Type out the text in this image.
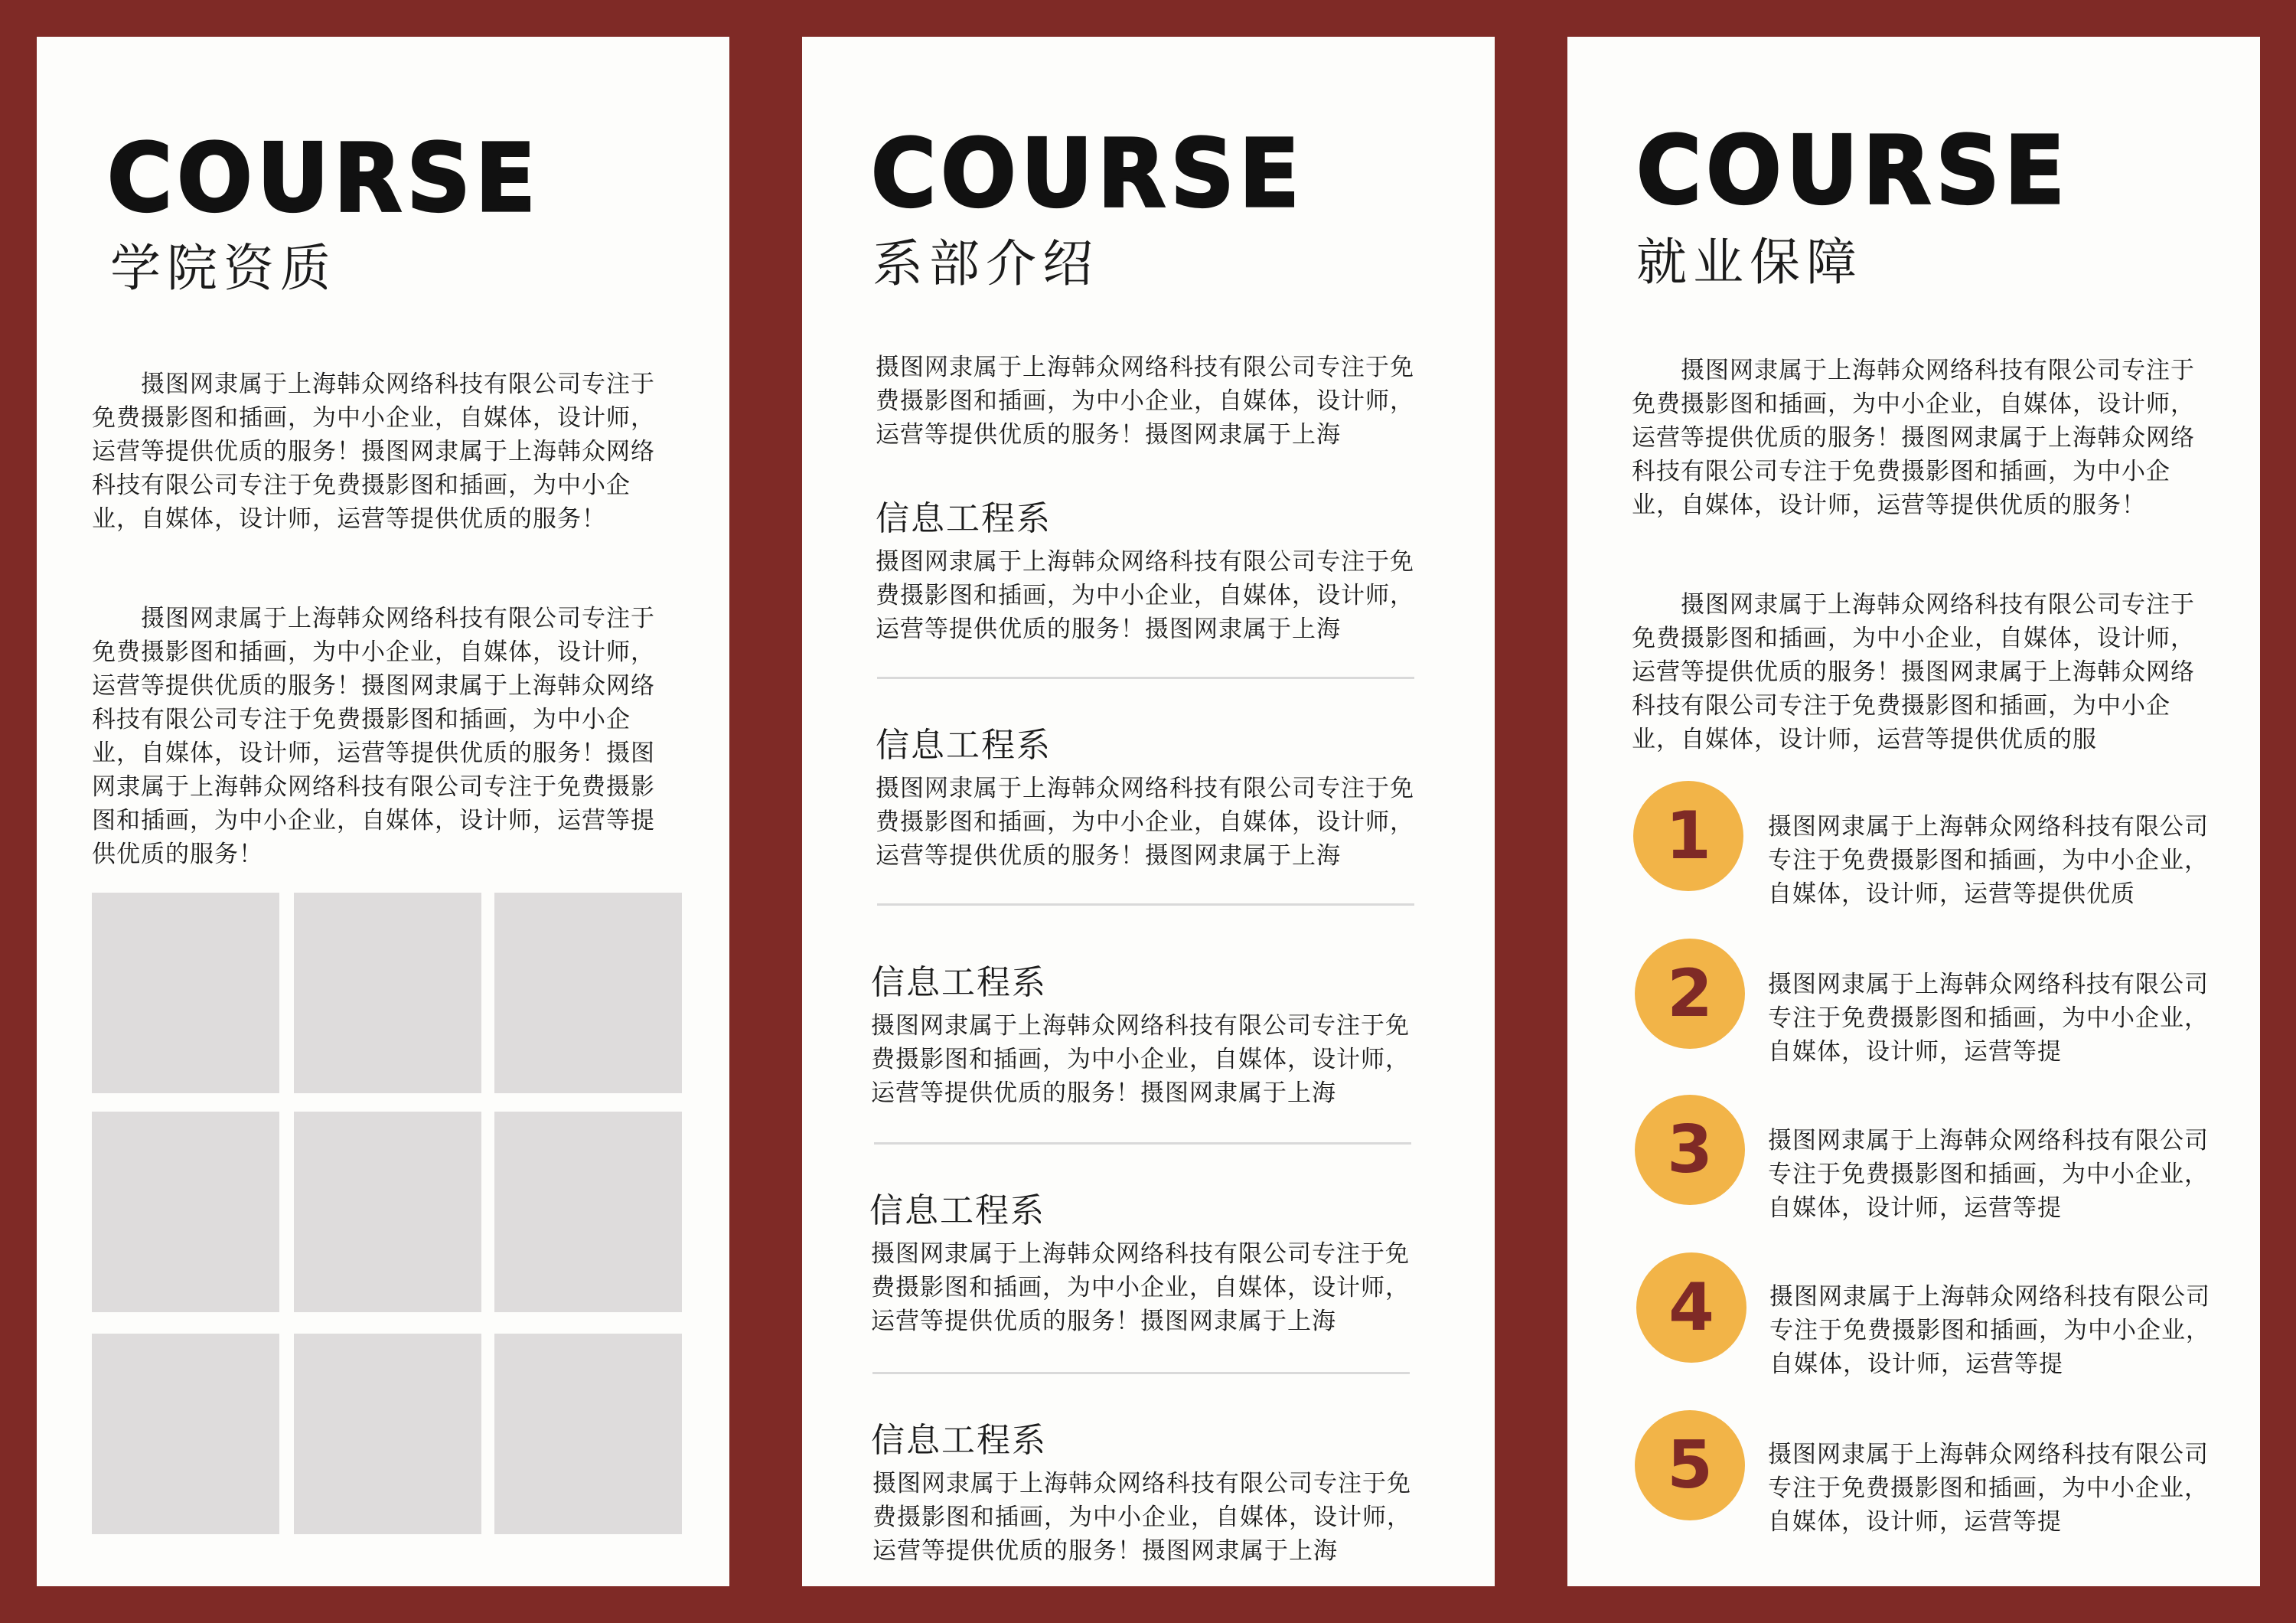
COURSE
学院资质

摄图网隶属于上海韩众网络科技有限公司专注于免费摄影图和插画，为中小企业，自媒体，设计师，运营等提供优质的服务！摄图网隶属于上海韩众网络科技有限公司专注于免费摄影图和插画，为中小企业，自媒体，设计师，运营等提供优质的服务！

摄图网隶属于上海韩众网络科技有限公司专注于免费摄影图和插画，为中小企业，自媒体，设计师，运营等提供优质的服务！摄图网隶属于上海韩众网络科技有限公司专注于免费摄影图和插画，为中小企业，自媒体，设计师，运营等提供优质的服务！摄图网隶属于上海韩众网络科技有限公司专注于免费摄影图和插画，为中小企业，自媒体，设计师，运营等提供优质的服务！

COURSE
系部介绍

摄图网隶属于上海韩众网络科技有限公司专注于免费摄影图和插画，为中小企业，自媒体，设计师，运营等提供优质的服务！摄图网隶属于上海

信息工程系

摄图网隶属于上海韩众网络科技有限公司专注于免费摄影图和插画，为中小企业，自媒体，设计师，运营等提供优质的服务！摄图网隶属于上海

信息工程系

摄图网隶属于上海韩众网络科技有限公司专注于免费摄影图和插画，为中小企业，自媒体，设计师，运营等提供优质的服务！摄图网隶属于上海

信息工程系

摄图网隶属于上海韩众网络科技有限公司专注于免费摄影图和插画，为中小企业，自媒体，设计师，运营等提供优质的服务！摄图网隶属于上海

信息工程系

摄图网隶属于上海韩众网络科技有限公司专注于免费摄影图和插画，为中小企业，自媒体，设计师，运营等提供优质的服务！摄图网隶属于上海

信息工程系

摄图网隶属于上海韩众网络科技有限公司专注于免费摄影图和插画，为中小企业，自媒体，设计师，运营等提供优质的服务！摄图网隶属于上海

COURSE
就业保障

摄图网隶属于上海韩众网络科技有限公司专注于免费摄影图和插画，为中小企业，自媒体，设计师，运营等提供优质的服务！摄图网隶属于上海韩众网络科技有限公司专注于免费摄影图和插画，为中小企业，自媒体，设计师，运营等提供优质的服务！

摄图网隶属于上海韩众网络科技有限公司专注于免费摄影图和插画，为中小企业，自媒体，设计师，运营等提供优质的服务！摄图网隶属于上海韩众网络科技有限公司专注于免费摄影图和插画，为中小企业，自媒体，设计师，运营等提供优质的服

1	摄图网隶属于上海韩众网络科技有限公司专注于免费摄影图和插画，为中小企业，自媒体，设计师，运营等提供优质

2	摄图网隶属于上海韩众网络科技有限公司专注于免费摄影图和插画，为中小企业，自媒体，设计师，运营等提

3	摄图网隶属于上海韩众网络科技有限公司专注于免费摄影图和插画，为中小企业，自媒体，设计师，运营等提

4	摄图网隶属于上海韩众网络科技有限公司专注于免费摄影图和插画，为中小企业，自媒体，设计师，运营等提

5	摄图网隶属于上海韩众网络科技有限公司专注于免费摄影图和插画，为中小企业，自媒体，设计师，运营等提
